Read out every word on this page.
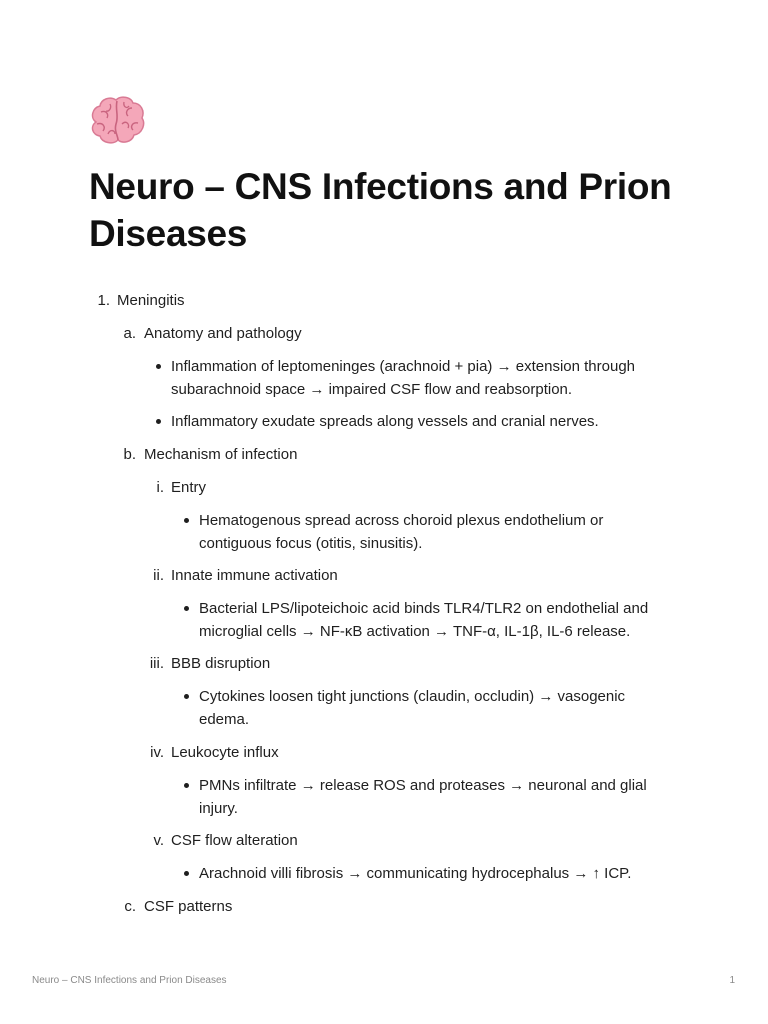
Neuro – CNS Infections and Prion Diseases
1. Meningitis
a. Anatomy and pathology
Inflammation of leptomeninges (arachnoid + pia) → extension through
subarachnoid space → impaired CSF flow and reabsorption.
Inflammatory exudate spreads along vessels and cranial nerves.
b. Mechanism of infection
i. Entry
Hematogenous spread across choroid plexus endothelium or
contiguous focus (otitis, sinusitis).
ii. Innate immune activation
Bacterial LPS/lipoteichoic acid binds TLR4/TLR2 on endothelial and
microglial cells → NF-κB activation → TNF-α, IL-1β, IL-6 release.
iii. BBB disruption
Cytokines loosen tight junctions (claudin, occludin) → vasogenic
edema.
iv. Leukocyte influx
PMNs infiltrate → release ROS and proteases → neuronal and glial
injury.
v. CSF flow alteration
Arachnoid villi fibrosis → communicating hydrocephalus → ↑ ICP.
c. CSF patterns
Neuro – CNS Infections and Prion Diseases	1
